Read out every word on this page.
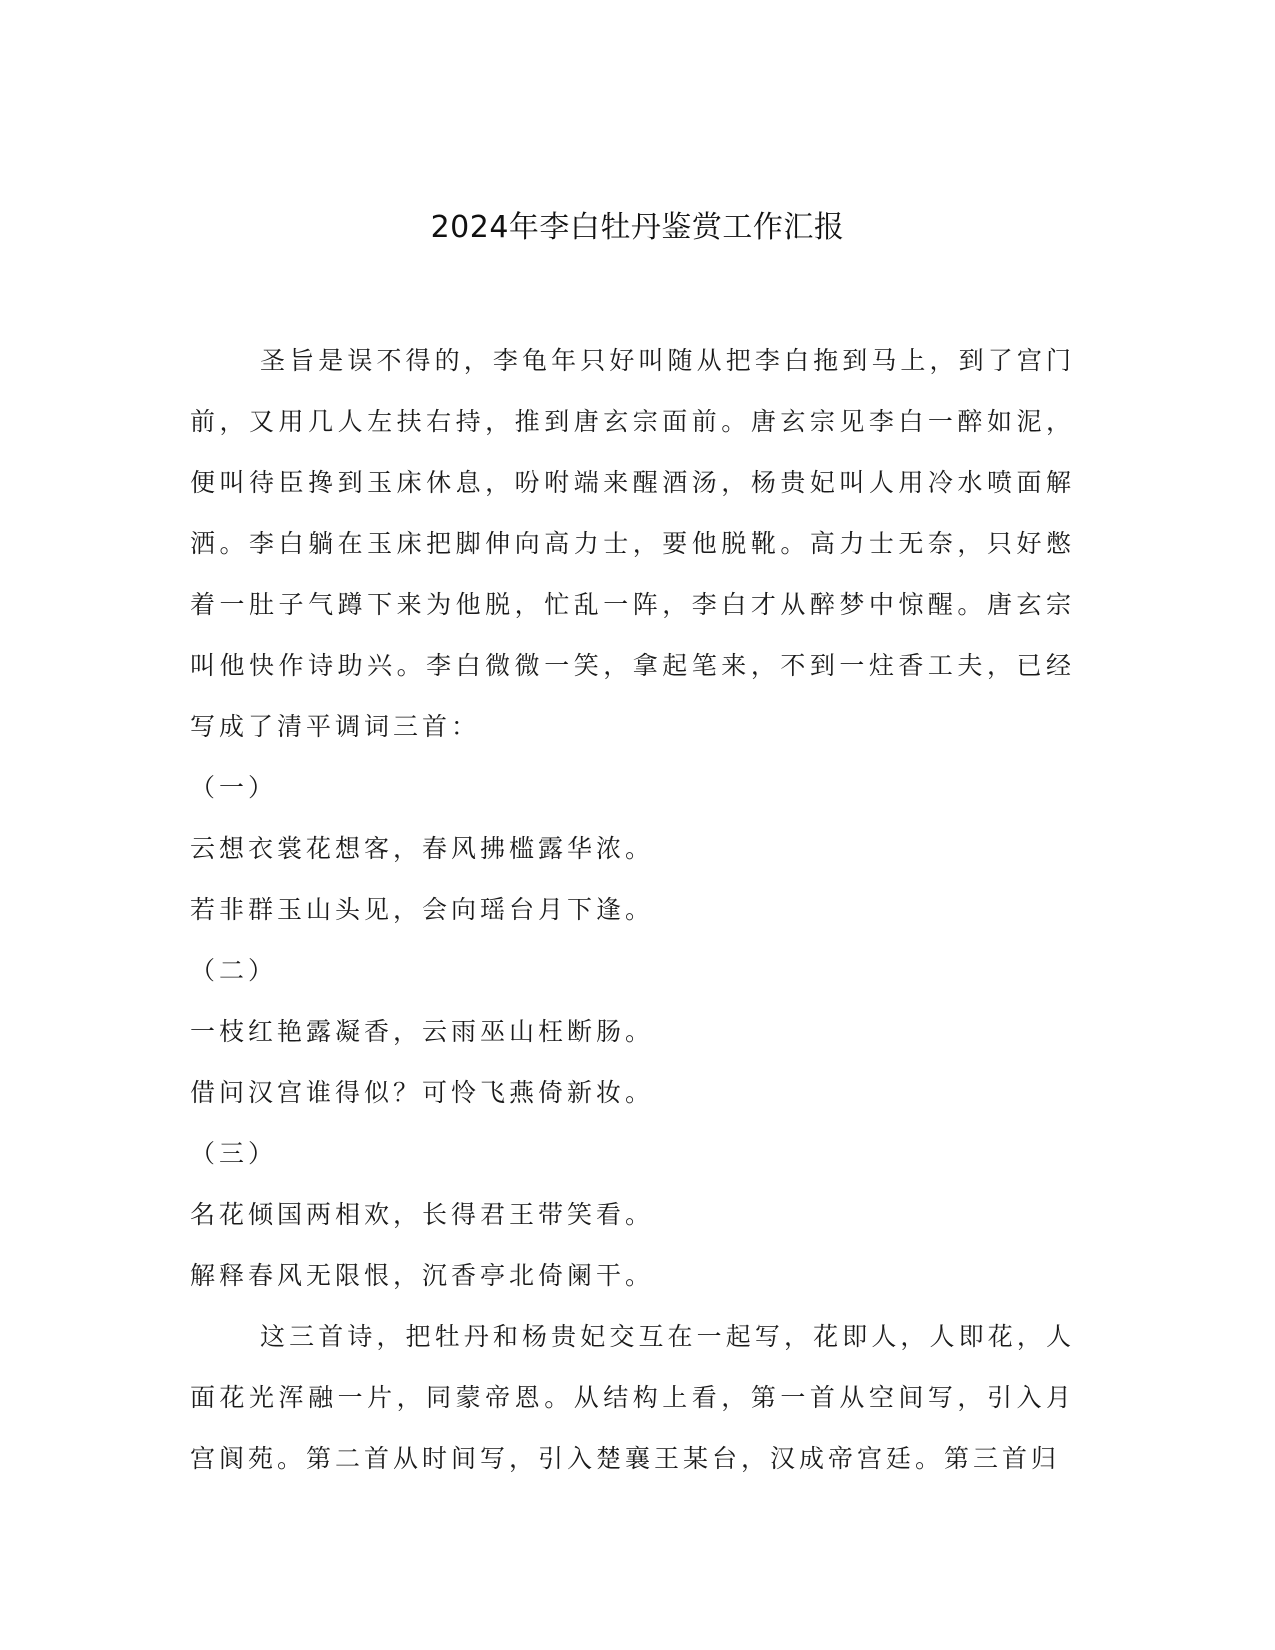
2024年李白牡丹鉴赏工作汇报

圣旨是误不得的，李龟年只好叫随从把李白拖到马上，到了宫门前，又用几人左扶右持，推到唐玄宗面前。唐玄宗见李白一醉如泥，便叫待臣搀到玉床休息，吩咐端来醒酒汤，杨贵妃叫人用冷水喷面解洒。李白躺在玉床把脚伸向高力士，要他脱靴。高力士无奈，只好憋着一肚子气蹲下来为他脱，忙乱一阵，李白才从醉梦中惊醒。唐玄宗叫他快作诗助兴。李白微微一笑，拿起笔来，不到一炷香工夫，已经写成了清平调词三首：

（一）

云想衣裳花想客，春风拂槛露华浓。

若非群玉山头见，会向瑶台月下逢。

（二）

一枝红艳露凝香，云雨巫山枉断肠。

借问汉宫谁得似？可怜飞燕倚新妆。

（三）

名花倾国两相欢，长得君王带笑看。

解释春风无限恨，沉香亭北倚阑干。

这三首诗，把牡丹和杨贵妃交互在一起写，花即人，人即花，人面花光浑融一片，同蒙帝恩。从结构上看，第一首从空间写，引入月宫阆苑。第二首从时间写，引入楚襄王某台，汉成帝宫廷。第三首归
